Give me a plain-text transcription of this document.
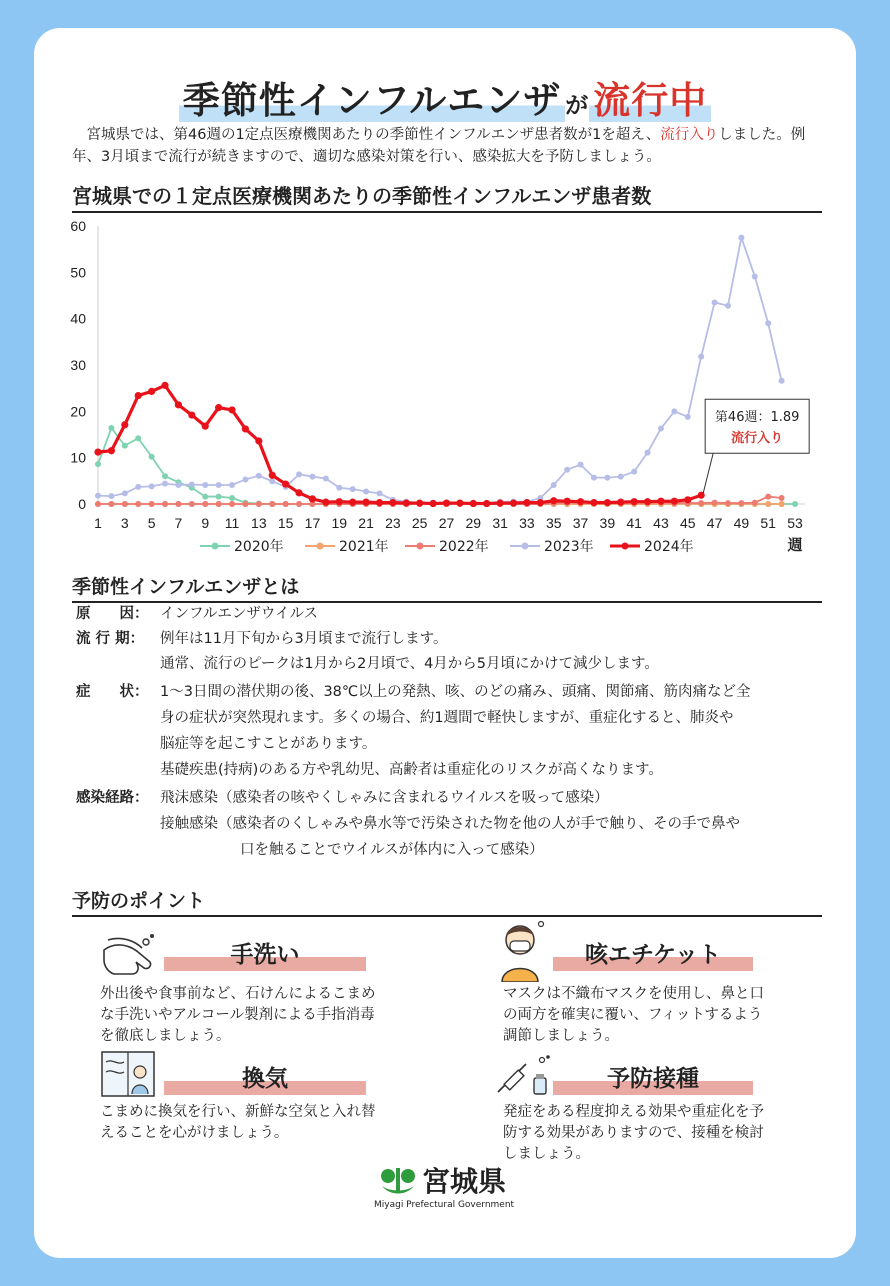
季節性インフルエンザ が 流行中
　宮城県では、第46週の1定点医療機関あたりの季節性インフルエンザ患者数が1を超え、流行入りしました。例年、3月頃まで流行が続きますので、適切な感染対策を行い、感染拡大を予防しましょう。
宮城県での１定点医療機関あたりの季節性インフルエンザ患者数
0
10
20
30
40
50
60
1 3 5 7 9 11 13 15 17 19 21 23 25 27 29 31 33 35 37 39 41 43 45 47 49 51 53
週
第46週：1.89
流行入り
2020年	2021年	2022年	2023年	2024年
季節性インフルエンザとは
原　　因： インフルエンザウイルス
流 行 期：	例年は11月下旬から3月頃まで流行します。
通常、流行のピークは1月から2月頃で、4月から5月頃にかけて減少します。
症　　状： 1〜3日間の潜伏期の後、38℃以上の発熱、咳、のどの痛み、頭痛、関節痛、筋肉痛など全
身の症状が突然現れます。多くの場合、約1週間で軽快しますが、重症化すると、肺炎や
脳症等を起こすことがあります。
基礎疾患(持病)のある方や乳幼児、高齢者は重症化のリスクが高くなります。
感染経路： 飛沫感染（感染者の咳やくしゃみに含まれるウイルスを吸って感染）
接触感染（感染者のくしゃみや鼻水等で汚染された物を他の人が手で触り、その手で鼻や
口を触ることでウイルスが体内に入って感染）
予防のポイント
手洗い
外出後や食事前など、石けんによるこまめ
な手洗いやアルコール製剤による手指消毒
を徹底しましょう。
咳エチケット
マスクは不織布マスクを使用し、鼻と口
の両方を確実に覆い、フィットするよう
調節しましょう。
換気
こまめに換気を行い、新鮮な空気と入れ替
えることを心がけましょう。
予防接種
発症をある程度抑える効果や重症化を予
防する効果がありますので、接種を検討
しましょう。
宮城県
Miyagi Prefectural Government
